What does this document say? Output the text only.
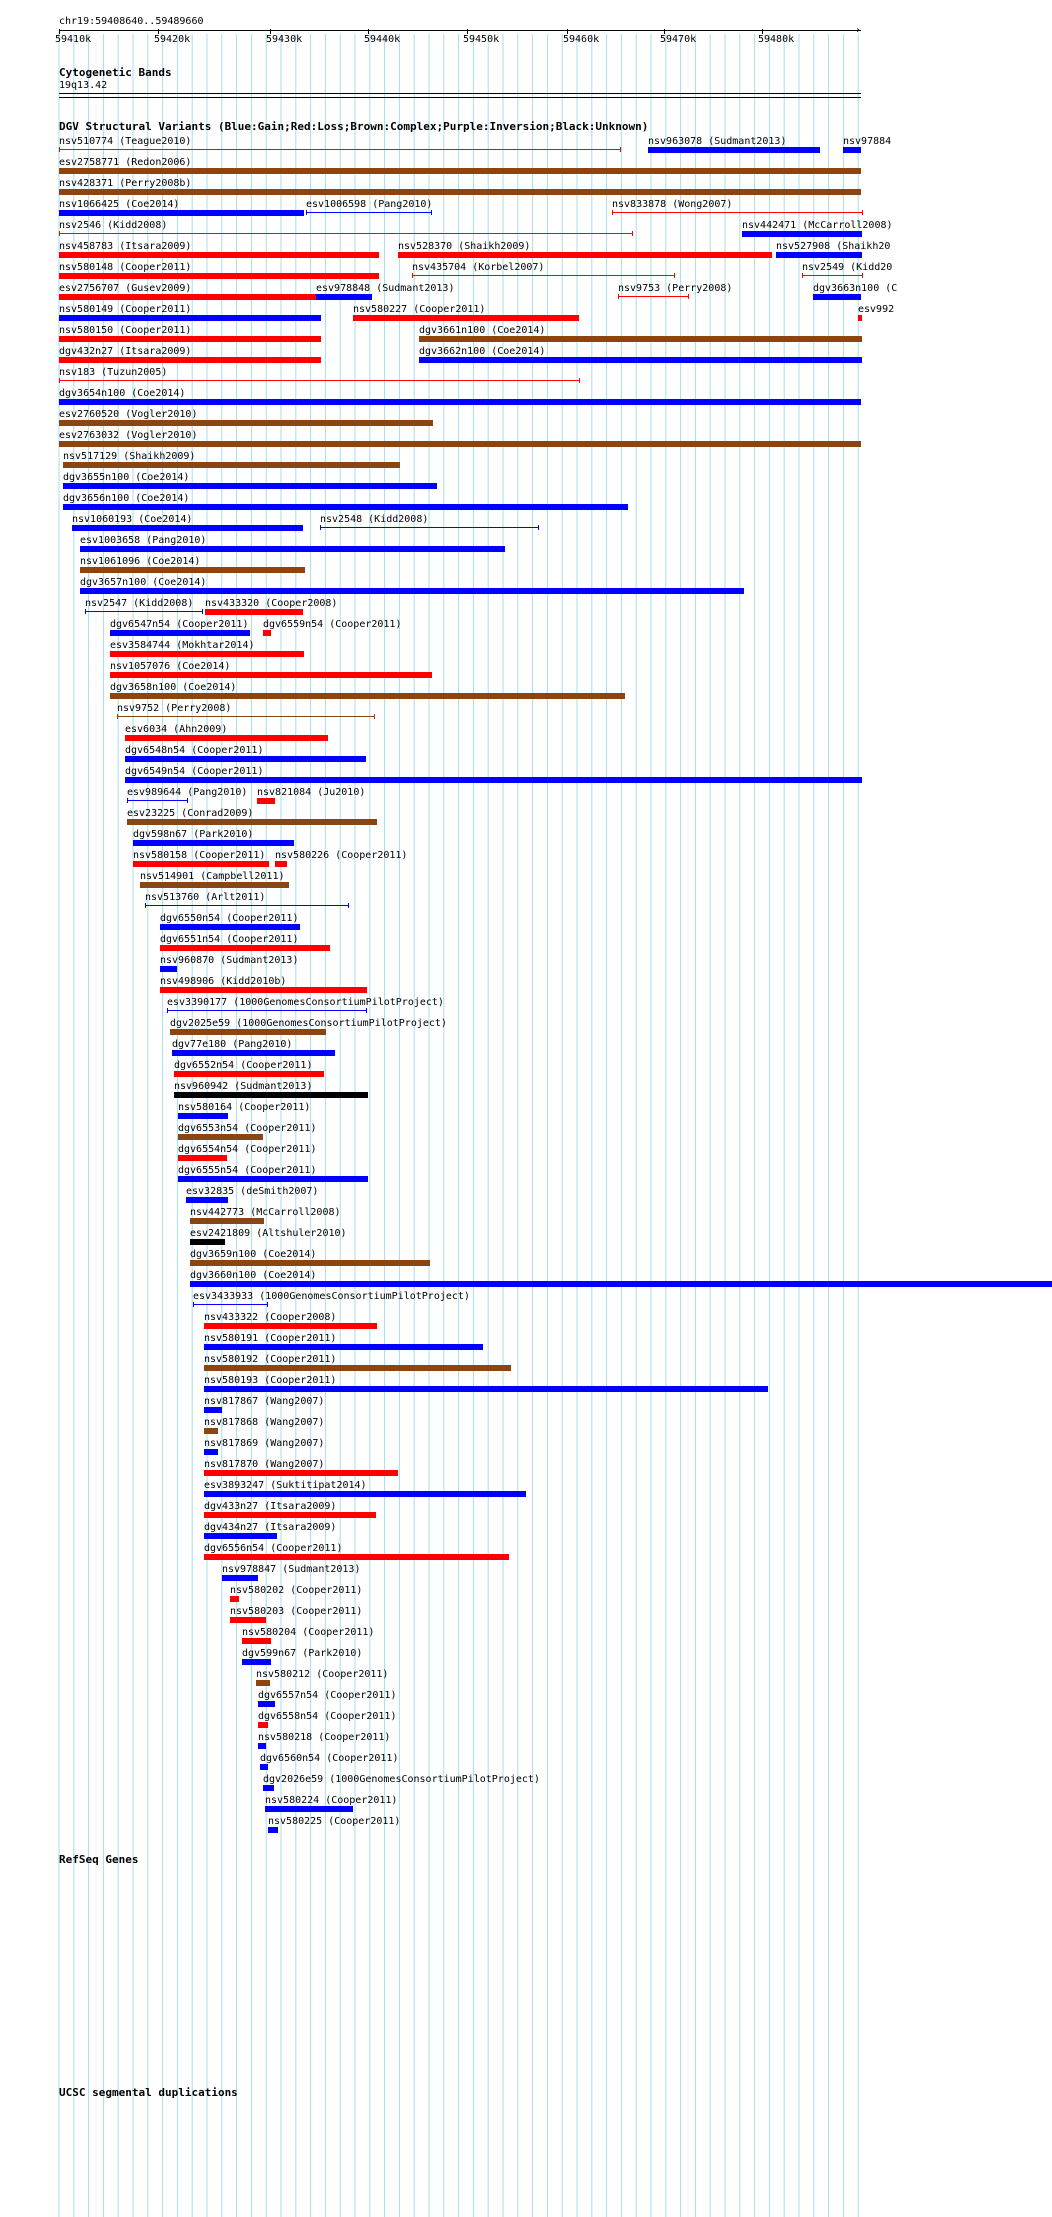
chr19:59408640..59489660
›
59410k	59420k	59430k	59440k	59450k	59460k	59470k	59480k
Cytogenetic Bands
19q13.42
DGV Structural Variants (Blue:Gain;Red:Loss;Brown:Complex;Purple:Inversion;Black:Unknown)
nsv510774 (Teague2010)	nsv963078 (Sudmant2013)	nsv97884
esv2758771 (Redon2006)
nsv428371 (Perry2008b)
nsv1066425 (Coe2014)	esv1006598 (Pang2010)	nsv833878 (Wong2007)
nsv2546 (Kidd2008)	nsv442471 (McCarroll2008)
nsv458783 (Itsara2009)	nsv528370 (Shaikh2009)	nsv527908 (Shaikh20
nsv580148 (Cooper2011)	nsv435704 (Korbel2007)	nsv2549 (Kidd20
esv2756707 (Gusev2009)	esv978848 (Sudmant2013)	nsv9753 (Perry2008)	dgv3663n100 (C
nsv580149 (Cooper2011)	nsv580227 (Cooper2011)	esv992
nsv580150 (Cooper2011)	dgv3661n100 (Coe2014)
dgv432n27 (Itsara2009)	dgv3662n100 (Coe2014)
nsv183 (Tuzun2005)
dgv3654n100 (Coe2014)
esv2760520 (Vogler2010)
esv2763032 (Vogler2010)
nsv517129 (Shaikh2009)
dgv3655n100 (Coe2014)
dgv3656n100 (Coe2014)
nsv1060193 (Coe2014)	nsv2548 (Kidd2008)
esv1003658 (Pang2010)
nsv1061096 (Coe2014)
dgv3657n100 (Coe2014)
nsv2547 (Kidd2008) nsv433320 (Cooper2008)
dgv6547n54 (Cooper2011) dgv6559n54 (Cooper2011)
esv3584744 (Mokhtar2014)
nsv1057076 (Coe2014)
dgv3658n100 (Coe2014)
nsv9752 (Perry2008)
esv6034 (Ahn2009)
dgv6548n54 (Cooper2011)
dgv6549n54 (Cooper2011)
esv989644 (Pang2010) nsv821084 (Ju2010)
esv23225 (Conrad2009)
dgv598n67 (Park2010)
nsv580158 (Cooper2011) nsv580226 (Cooper2011)
nsv514901 (Campbell2011)
nsv513760 (Arlt2011)
dgv6550n54 (Cooper2011)
dgv6551n54 (Cooper2011)
nsv960870 (Sudmant2013)
nsv498906 (Kidd2010b)
esv3390177 (1000GenomesConsortiumPilotProject)
dgv2025e59 (1000GenomesConsortiumPilotProject)
dgv77e180 (Pang2010)
dgv6552n54 (Cooper2011)
nsv960942 (Sudmant2013)
nsv580164 (Cooper2011)
dgv6553n54 (Cooper2011)
dgv6554n54 (Cooper2011)
dgv6555n54 (Cooper2011)
esv32835 (deSmith2007)
nsv442773 (McCarroll2008)
esv2421809 (Altshuler2010)
dgv3659n100 (Coe2014)
dgv3660n100 (Coe2014)
esv3433933 (1000GenomesConsortiumPilotProject)
nsv433322 (Cooper2008)
nsv580191 (Cooper2011)
nsv580192 (Cooper2011)
nsv580193 (Cooper2011)
nsv817867 (Wang2007)
nsv817868 (Wang2007)
nsv817869 (Wang2007)
nsv817870 (Wang2007)
esv3893247 (Suktitipat2014)
dgv433n27 (Itsara2009)
dgv434n27 (Itsara2009)
dgv6556n54 (Cooper2011)
nsv978847 (Sudmant2013)
nsv580202 (Cooper2011)
nsv580203 (Cooper2011)
nsv580204 (Cooper2011)
dgv599n67 (Park2010)
nsv580212 (Cooper2011)
dgv6557n54 (Cooper2011)
dgv6558n54 (Cooper2011)
nsv580218 (Cooper2011)
dgv6560n54 (Cooper2011)
dgv2026e59 (1000GenomesConsortiumPilotProject)
nsv580224 (Cooper2011)
nsv580225 (Cooper2011)
RefSeq Genes
UCSC segmental duplications
